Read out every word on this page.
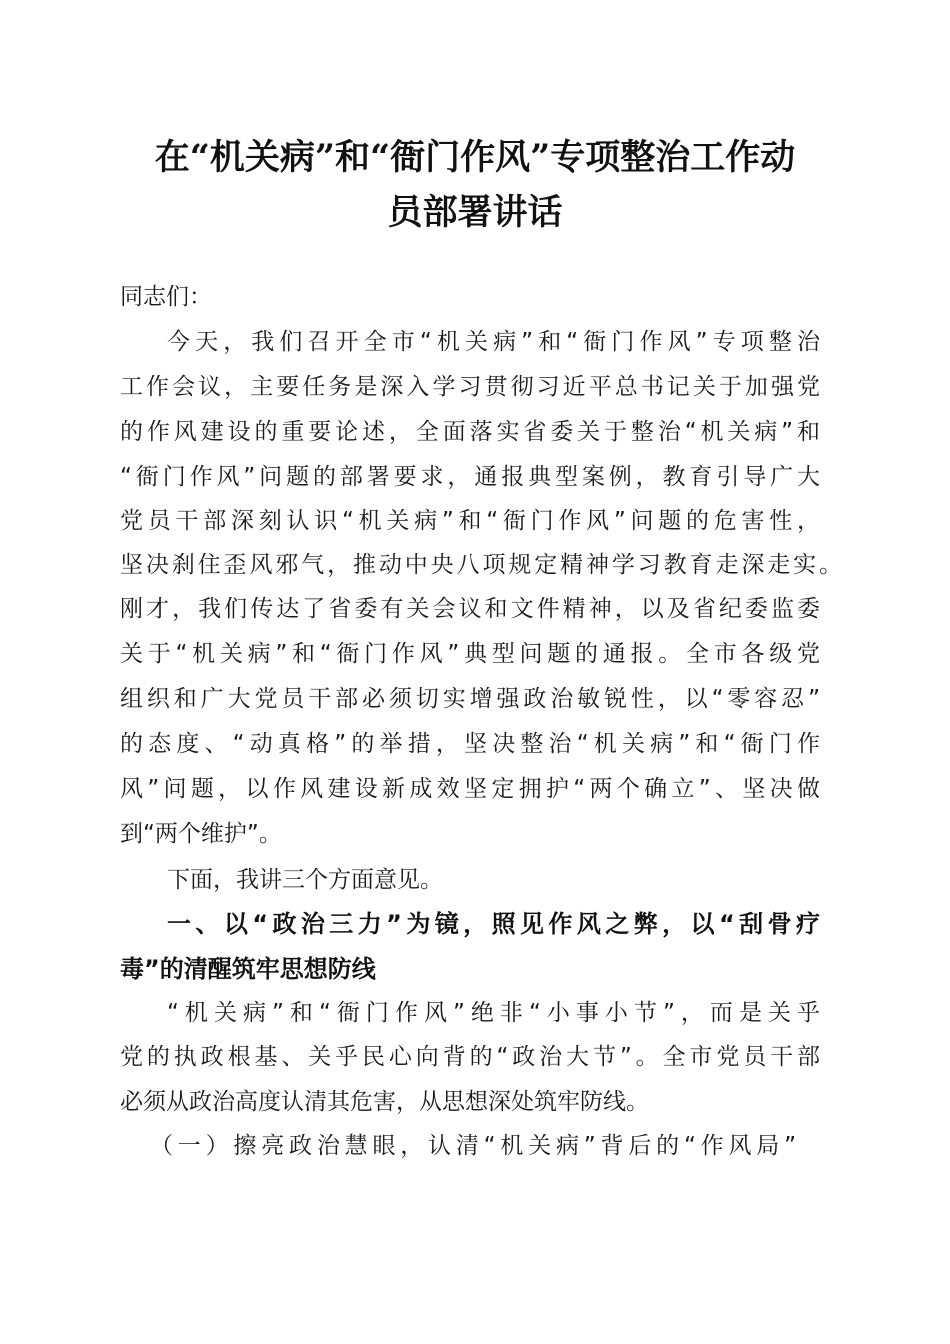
在“机关病”和“衙门作风”专项整治工作动
员部署讲话
同志们：
今天，我们召开全市“机关病”和“衙门作风”专项整治
工作会议，主要任务是深入学习贯彻习近平总书记关于加强党
的作风建设的重要论述，全面落实省委关于整治“机关病”和
“衙门作风”问题的部署要求，通报典型案例，教育引导广大
党员干部深刻认识“机关病”和“衙门作风”问题的危害性，
坚决刹住歪风邪气，推动中央八项规定精神学习教育走深走实。
刚才，我们传达了省委有关会议和文件精神，以及省纪委监委
关于“机关病”和“衙门作风”典型问题的通报。全市各级党
组织和广大党员干部必须切实增强政治敏锐性，以“零容忍”
的态度、“动真格”的举措，坚决整治“机关病”和“衙门作
风”问题，以作风建设新成效坚定拥护“两个确立”、坚决做
到“两个维护”。
下面，我讲三个方面意见。
一、以“政治三力”为镜，照见作风之弊，以“刮骨疗
毒”的清醒筑牢思想防线
“机关病”和“衙门作风”绝非“小事小节”，而是关乎
党的执政根基、关乎民心向背的“政治大节”。全市党员干部
必须从政治高度认清其危害，从思想深处筑牢防线。
（一）擦亮政治慧眼，认清“机关病”背后的“作风局”
